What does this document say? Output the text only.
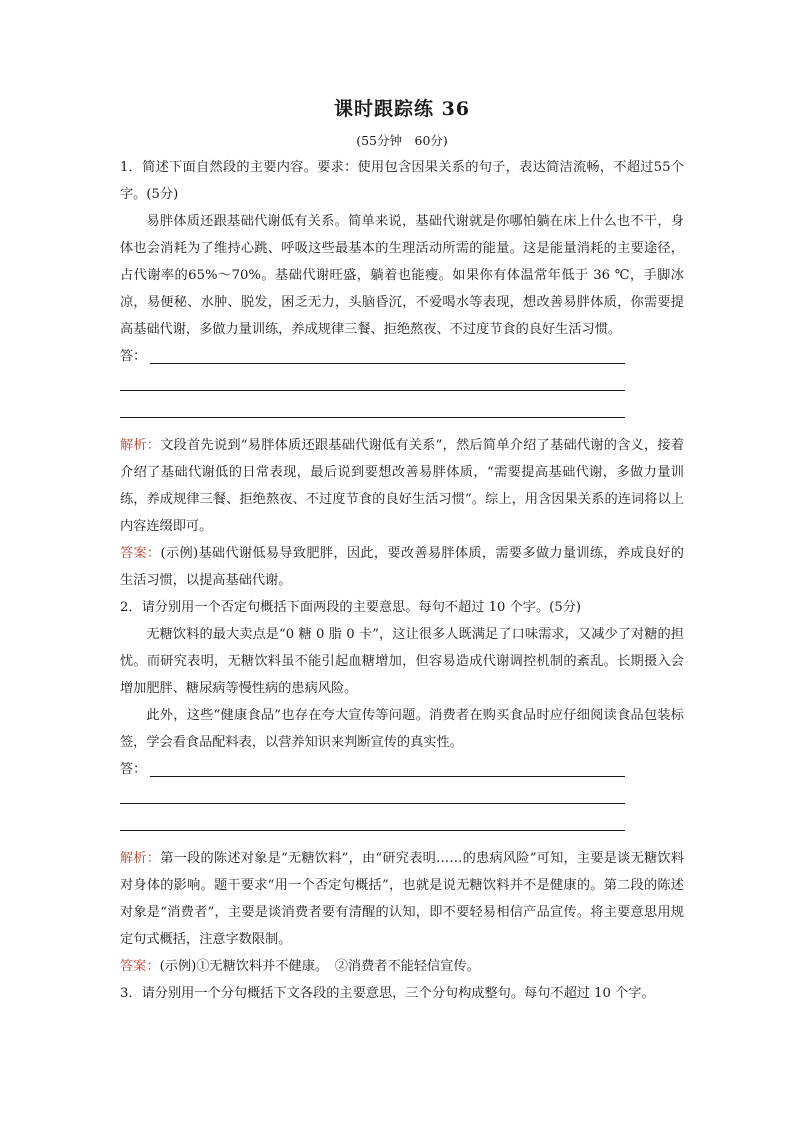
课时跟踪练 36
(55分钟　60分)

1．简述下面自然段的主要内容。要求：使用包含因果关系的句子，表达简洁流畅，不超过55个字。(5分)

易胖体质还跟基础代谢低有关系。简单来说，基础代谢就是你哪怕躺在床上什么也不干，身体也会消耗为了维持心跳、呼吸这些最基本的生理活动所需的能量。这是能量消耗的主要途径，占代谢率的65%～70%。基础代谢旺盛，躺着也能瘦。如果你有体温常年低于 36 ℃，手脚冰凉，易便秘、水肿、脱发，困乏无力，头脑昏沉，不爱喝水等表现，想改善易胖体质，你需要提高基础代谢，多做力量训练，养成规律三餐、拒绝熬夜、不过度节食的良好生活习惯。

答：

解析：文段首先说到“易胖体质还跟基础代谢低有关系”，然后简单介绍了基础代谢的含义，接着介绍了基础代谢低的日常表现，最后说到要想改善易胖体质，“需要提高基础代谢，多做力量训练，养成规律三餐、拒绝熬夜、不过度节食的良好生活习惯”。综上，用含因果关系的连词将以上内容连缀即可。

答案：(示例)基础代谢低易导致肥胖，因此，要改善易胖体质，需要多做力量训练，养成良好的生活习惯，以提高基础代谢。

2．请分别用一个否定句概括下面两段的主要意思。每句不超过 10 个字。(5分)

无糖饮料的最大卖点是“0 糖 0 脂 0 卡”，这让很多人既满足了口味需求，又减少了对糖的担忧。而研究表明，无糖饮料虽不能引起血糖增加，但容易造成代谢调控机制的紊乱。长期摄入会增加肥胖、糖尿病等慢性病的患病风险。

此外，这些“健康食品”也存在夸大宣传等问题。消费者在购买食品时应仔细阅读食品包装标签，学会看食品配料表，以营养知识来判断宣传的真实性。

答：

解析：第一段的陈述对象是“无糖饮料”，由“研究表明……的患病风险”可知，主要是谈无糖饮料对身体的影响。题干要求“用一个否定句概括”，也就是说无糖饮料并不是健康的。第二段的陈述对象是“消费者”，主要是谈消费者要有清醒的认知，即不要轻易相信产品宣传。将主要意思用规定句式概括，注意字数限制。

答案：(示例)①无糖饮料并不健康。　②消费者不能轻信宣传。

3．请分别用一个分句概括下文各段的主要意思，三个分句构成整句。每句不超过 10 个字。
